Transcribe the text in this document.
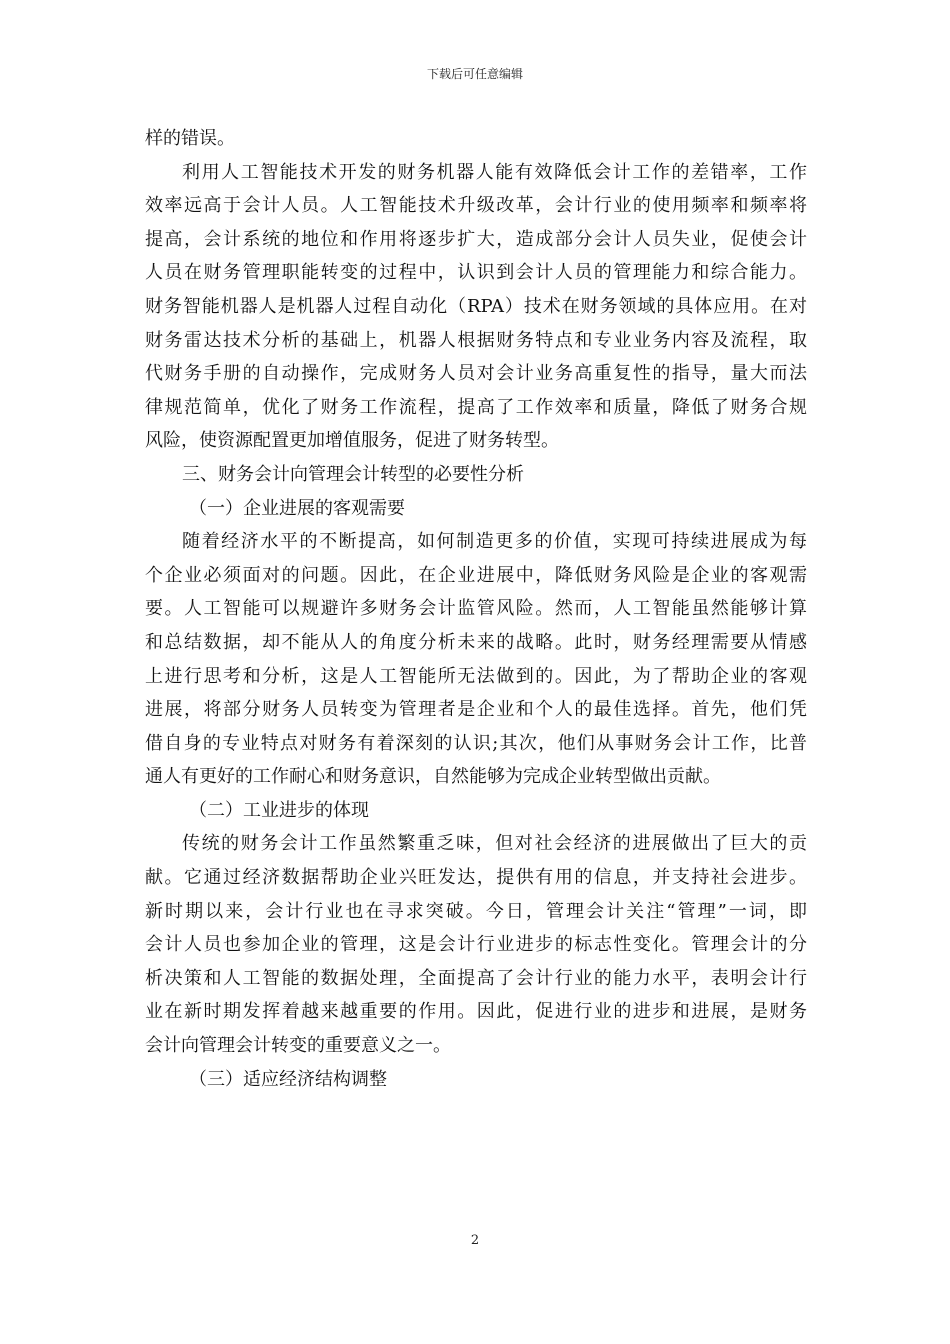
下载后可任意编辑
样的错误。
利用人工智能技术开发的财务机器人能有效降低会计工作的差错率，工作
效率远高于会计人员。人工智能技术升级改革，会计行业的使用频率和频率将
提高，会计系统的地位和作用将逐步扩大，造成部分会计人员失业，促使会计
人员在财务管理职能转变的过程中，认识到会计人员的管理能力和综合能力。
财务智能机器人是机器人过程自动化（RPA）技术在财务领域的具体应用。在对
财务雷达技术分析的基础上，机器人根据财务特点和专业业务内容及流程，取
代财务手册的自动操作，完成财务人员对会计业务高重复性的指导，量大而法
律规范简单，优化了财务工作流程，提高了工作效率和质量，降低了财务合规
风险，使资源配置更加增值服务，促进了财务转型。
三、财务会计向管理会计转型的必要性分析
（一）企业进展的客观需要
随着经济水平的不断提高，如何制造更多的价值，实现可持续进展成为每
个企业必须面对的问题。因此，在企业进展中，降低财务风险是企业的客观需
要。人工智能可以规避许多财务会计监管风险。然而，人工智能虽然能够计算
和总结数据，却不能从人的角度分析未来的战略。此时，财务经理需要从情感
上进行思考和分析，这是人工智能所无法做到的。因此，为了帮助企业的客观
进展，将部分财务人员转变为管理者是企业和个人的最佳选择。首先，他们凭
借自身的专业特点对财务有着深刻的认识;其次，他们从事财务会计工作，比普
通人有更好的工作耐心和财务意识，自然能够为完成企业转型做出贡献。
（二）工业进步的体现
传统的财务会计工作虽然繁重乏味，但对社会经济的进展做出了巨大的贡
献。它通过经济数据帮助企业兴旺发达，提供有用的信息，并支持社会进步。
新时期以来，会计行业也在寻求突破。今日，管理会计关注“管理”一词，即
会计人员也参加企业的管理，这是会计行业进步的标志性变化。管理会计的分
析决策和人工智能的数据处理，全面提高了会计行业的能力水平，表明会计行
业在新时期发挥着越来越重要的作用。因此，促进行业的进步和进展，是财务
会计向管理会计转变的重要意义之一。
（三）适应经济结构调整
2
